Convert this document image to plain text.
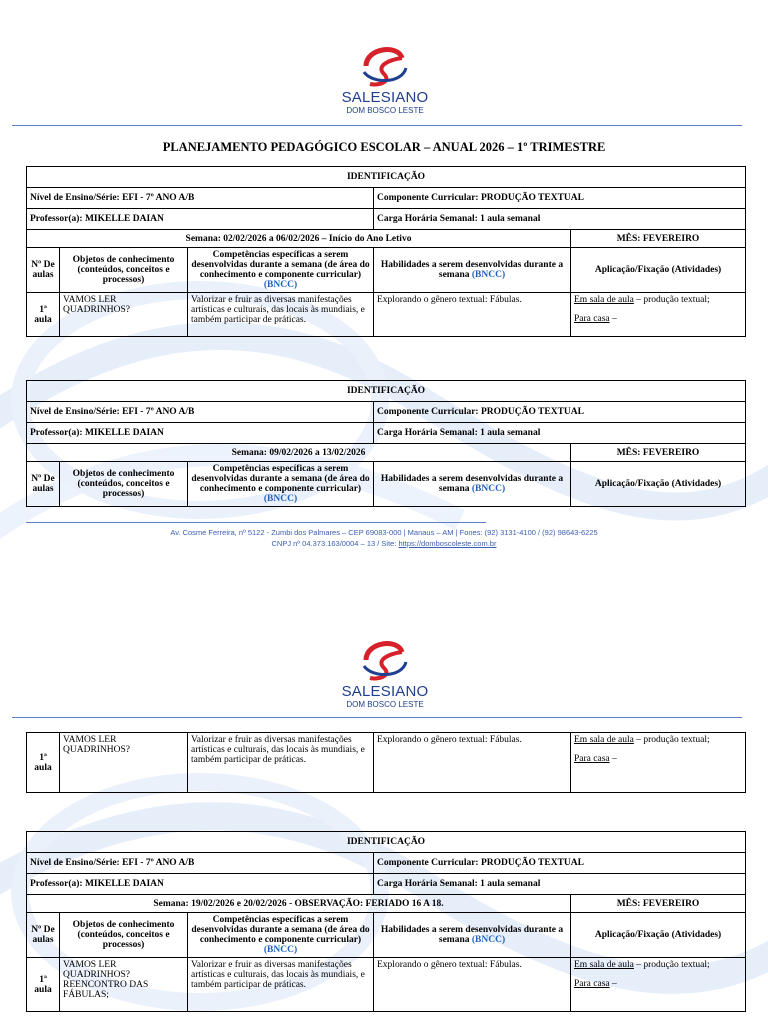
SALESIANO
DOM BOSCO LESTE
PLANEJAMENTO PEDAGÓGICO ESCOLAR – ANUAL 2026 – 1º TRIMESTRE
IDENTIFICAÇÃO				
Nível de Ensino/Série: EFI - 7º ANO A/B			Componente Curricular: PRODUÇÃO TEXTUAL	
Professor(a): MIKELLE DAIAN			Carga Horária Semanal: 1 aula semanal	
Semana: 02/02/2026 a 06/02/2026 – Início do Ano Letivo				MÊS: FEVEREIRO
Nº De aulas	Objetos de conhecimento (conteúdos, conceitos e processos)	Competências específicas a serem desenvolvidas durante a semana (de área do conhecimento e componente curricular) (BNCC)	Habilidades a serem desenvolvidas durante a semana (BNCC)	Aplicação/Fixação (Atividades)
1ª aula	VAMOS LER QUADRINHOS?	Valorizar e fruir as diversas manifestações artísticas e culturais, das locais às mundiais, e também participar de práticas.	Explorando o gênero textual: Fábulas.	Em sala de aula – produção textual;
Para casa –
IDENTIFICAÇÃO				
Nível de Ensino/Série: EFI - 7º ANO A/B			Componente Curricular: PRODUÇÃO TEXTUAL	
Professor(a): MIKELLE DAIAN			Carga Horária Semanal: 1 aula semanal	
Semana: 09/02/2026 a 13/02/2026				MÊS: FEVEREIRO
Nº De aulas	Objetos de conhecimento (conteúdos, conceitos e processos)	Competências específicas a serem desenvolvidas durante a semana (de área do conhecimento e componente curricular) (BNCC)	Habilidades a serem desenvolvidas durante a semana (BNCC)	Aplicação/Fixação (Atividades)
Av. Cosme Ferreira, nº 5122 - Zumbi dos Palmares – CEP 69083-000 | Manaus – AM | Fones: (92) 3131-4100 / (92) 98643-6225
CNPJ nº 04.373.163/0004 – 13 / Site: https://domboscoleste.com.br
SALESIANO
DOM BOSCO LESTE
1ª aula	VAMOS LER QUADRINHOS?	Valorizar e fruir as diversas manifestações artísticas e culturais, das locais às mundiais, e também participar de práticas.	Explorando o gênero textual: Fábulas.	Em sala de aula – produção textual;
Para casa –
IDENTIFICAÇÃO				
Nível de Ensino/Série: EFI - 7º ANO A/B			Componente Curricular: PRODUÇÃO TEXTUAL	
Professor(a): MIKELLE DAIAN			Carga Horária Semanal: 1 aula semanal	
Semana: 19/02/2026 e 20/02/2026 - OBSERVAÇÃO: FERIADO 16 A 18.				MÊS: FEVEREIRO
Nº De aulas	Objetos de conhecimento (conteúdos, conceitos e processos)	Competências específicas a serem desenvolvidas durante a semana (de área do conhecimento e componente curricular) (BNCC)	Habilidades a serem desenvolvidas durante a semana (BNCC)	Aplicação/Fixação (Atividades)
1ª aula	VAMOS LER QUADRINHOS? REENCONTRO DAS FÁBULAS;	Valorizar e fruir as diversas manifestações artísticas e culturais, das locais às mundiais, e também participar de práticas.	Explorando o gênero textual: Fábulas.	Em sala de aula – produção textual;
Para casa –
